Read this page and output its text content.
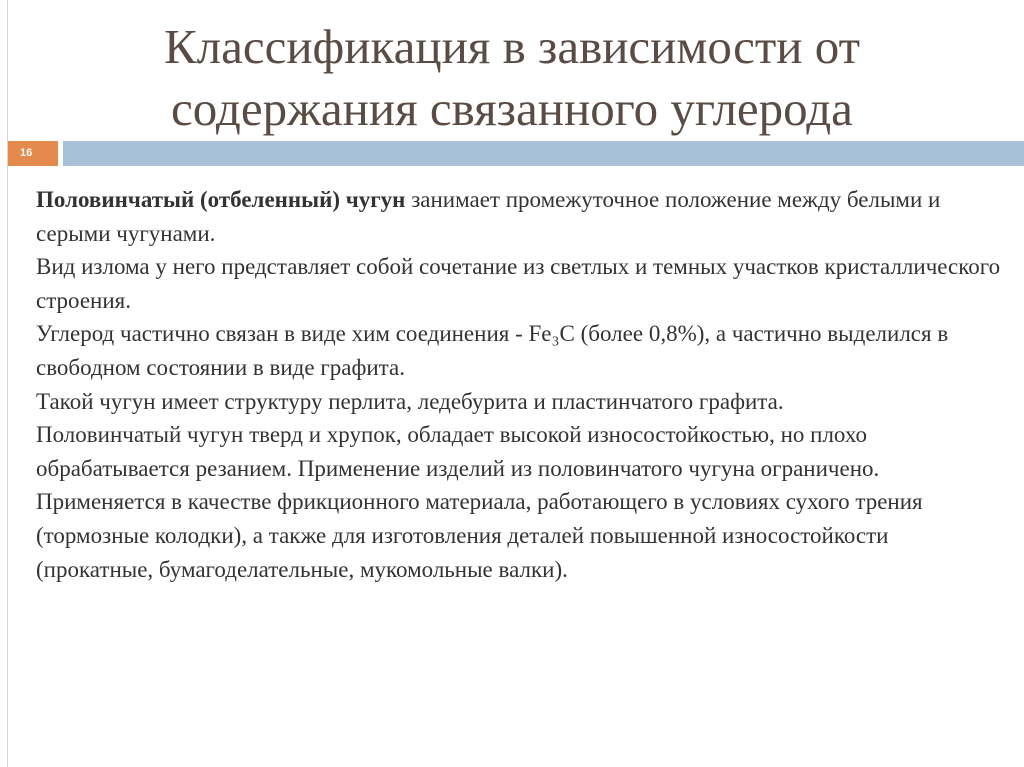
Классификация в зависимости от
содержания связанного углерода
16

Половинчатый (отбеленный) чугун занимает промежуточное положение между белыми и серыми чугунами.

Вид излома у него представляет собой сочетание из светлых и темных участков кристаллического строения.

Углерод частично связан в виде хим соединения - Fe₃C (более 0,8%), а частично выделился в свободном состоянии в виде графита.

Такой чугун имеет структуру перлита, ледебурита и пластинчатого графита.

Половинчатый чугун тверд и хрупок, обладает высокой износостойкостью, но плохо обрабатывается резанием. Применение изделий из половинчатого чугуна ограничено.

Применяется в качестве фрикционного материала, работающего в условиях сухого трения (тормозные колодки), а также для изготовления деталей повышенной износостойкости (прокатные, бумагоделательные, мукомольные валки).
